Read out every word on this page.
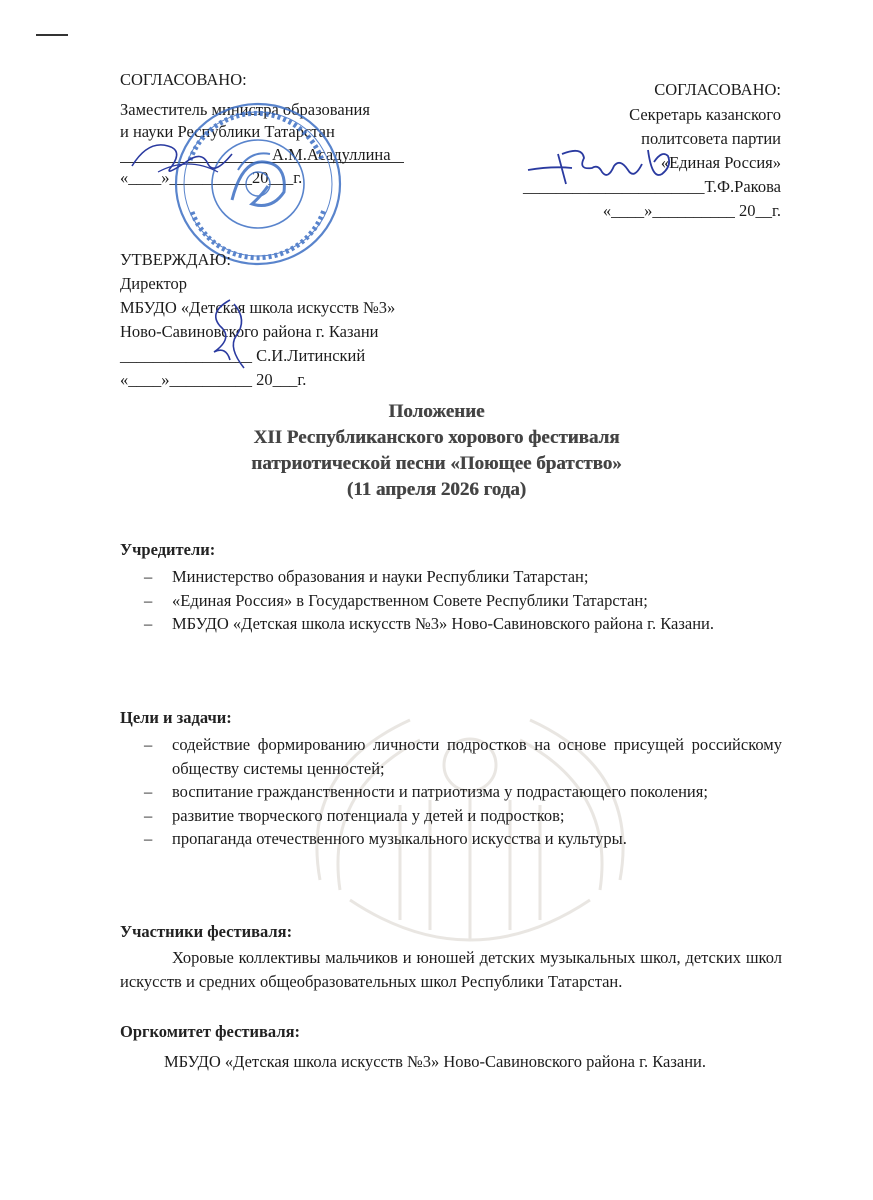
СОГЛАСОВАНО:
Заместитель министра образования
и науки Республики Татарстан
А.М.Асадуллина
«____»__________20___г.
СОГЛАСОВАНО:
Секретарь казанского
политсовета партии
«Единая Россия»
______________________Т.Ф.Ракова
«____»__________ 20__г.
УТВЕРЖДАЮ:
Директор
МБУДО «Детская школа искусств №3»
Ново-Савиновского района г. Казани
________________ С.И.Литинский
«____»__________ 20___г.
Положение
XII Республиканского хорового фестиваля
патриотической песни «Поющее братство»
(11 апреля 2026 года)
Учредители:
– Министерство образования и науки Республики Татарстан;
– «Единая Россия» в Государственном Совете Республики Татарстан;
– МБУДО «Детская школа искусств №3» Ново-Савиновского района г. Казани.
Цели и задачи:
– содействие формированию личности подростков на основе присущей российскому обществу системы ценностей;
– воспитание гражданственности и патриотизма у подрастающего поколения;
– развитие творческого потенциала у детей и подростков;
– пропаганда отечественного музыкального искусства и культуры.
Участники фестиваля:
Хоровые коллективы мальчиков и юношей детских музыкальных школ, детских школ искусств и средних общеобразовательных школ Республики Татарстан.
Оргкомитет фестиваля:
МБУДО «Детская школа искусств №3» Ново-Савиновского района г. Казани.
